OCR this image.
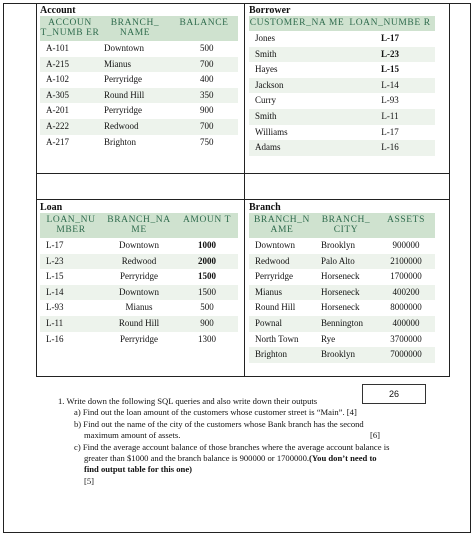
Account
ACCOUN T_NUMB ER	BRANCH_ NAME	BALANCE
A-101	Downtown	500
A-215	Mianus	700
A-102	Perryridge	400
A-305	Round Hill	350
A-201	Perryridge	900
A-222	Redwood	700
A-217	Brighton	750
Borrower
CUSTOMER_NA ME	LOAN_NUMBE R
Jones	L-17
Smith	L-23
Hayes	L-15
Jackson	L-14
Curry	L-93
Smith	L-11
Williams	L-17
Adams	L-16
Loan
LOAN_NU MBER	BRANCH_NA ME	AMOUN T
L-17	Downtown	1000
L-23	Redwood	2000
L-15	Perryridge	1500
L-14	Downtown	1500
L-93	Mianus	500
L-11	Round Hill	900
L-16	Perryridge	1300
Branch
BRANCH_N AME	BRANCH_ CITY	ASSETS
Downtown	Brooklyn	900000
Redwood	Palo Alto	2100000
Perryridge	Horseneck	1700000
Mianus	Horseneck	400200
Round Hill	Horseneck	8000000
Pownal	Bennington	400000
North Town	Rye	3700000
Brighton	Brooklyn	7000000
26
1. Write down the following SQL queries and also write down their outputs
a) Find out the loan amount of the customers whose customer street is “Main”. [4]
b) Find out the name of the city of the customers whose Bank branch has the second
maximum amount of assets.	[6]
c) Find the average account balance of those branches where the average account balance is
greater than $1000 and the branch balance is 900000 or 1700000.(You don’t need to
find output table for this one)
[5]
